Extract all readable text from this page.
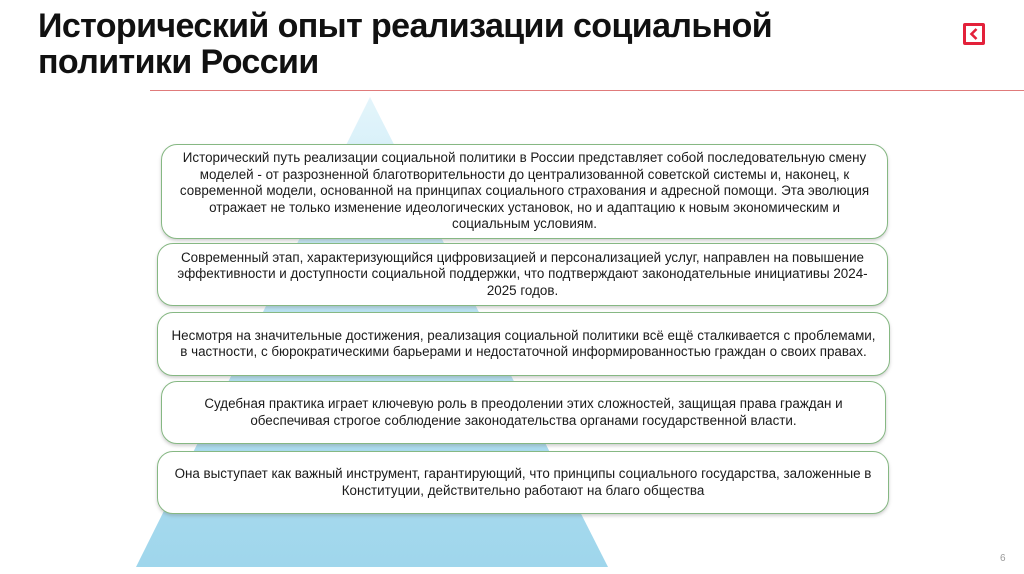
Исторический опыт реализации социальной политики России
Исторический путь реализации социальной политики в России представляет собой последовательную смену моделей - от разрозненной благотворительности до централизованной советской системы и, наконец, к современной модели, основанной на принципах социального страхования и адресной помощи. Эта эволюция отражает не только изменение идеологических установок, но и адаптацию к новым экономическим и социальным условиям.
Современный этап, характеризующийся цифровизацией и персонализацией услуг, направлен на повышение эффективности и доступности социальной поддержки, что подтверждают законодательные инициативы 2024-2025 годов.
Несмотря на значительные достижения, реализация социальной политики всё ещё сталкивается с проблемами, в частности, с бюрократическими барьерами и недостаточной информированностью граждан о своих правах.
Судебная практика играет ключевую роль в преодолении этих сложностей, защищая права граждан и обеспечивая строгое соблюдение законодательства органами государственной власти.
Она выступает как важный инструмент, гарантирующий, что принципы социального государства, заложенные в Конституции, действительно работают на благо общества
6
